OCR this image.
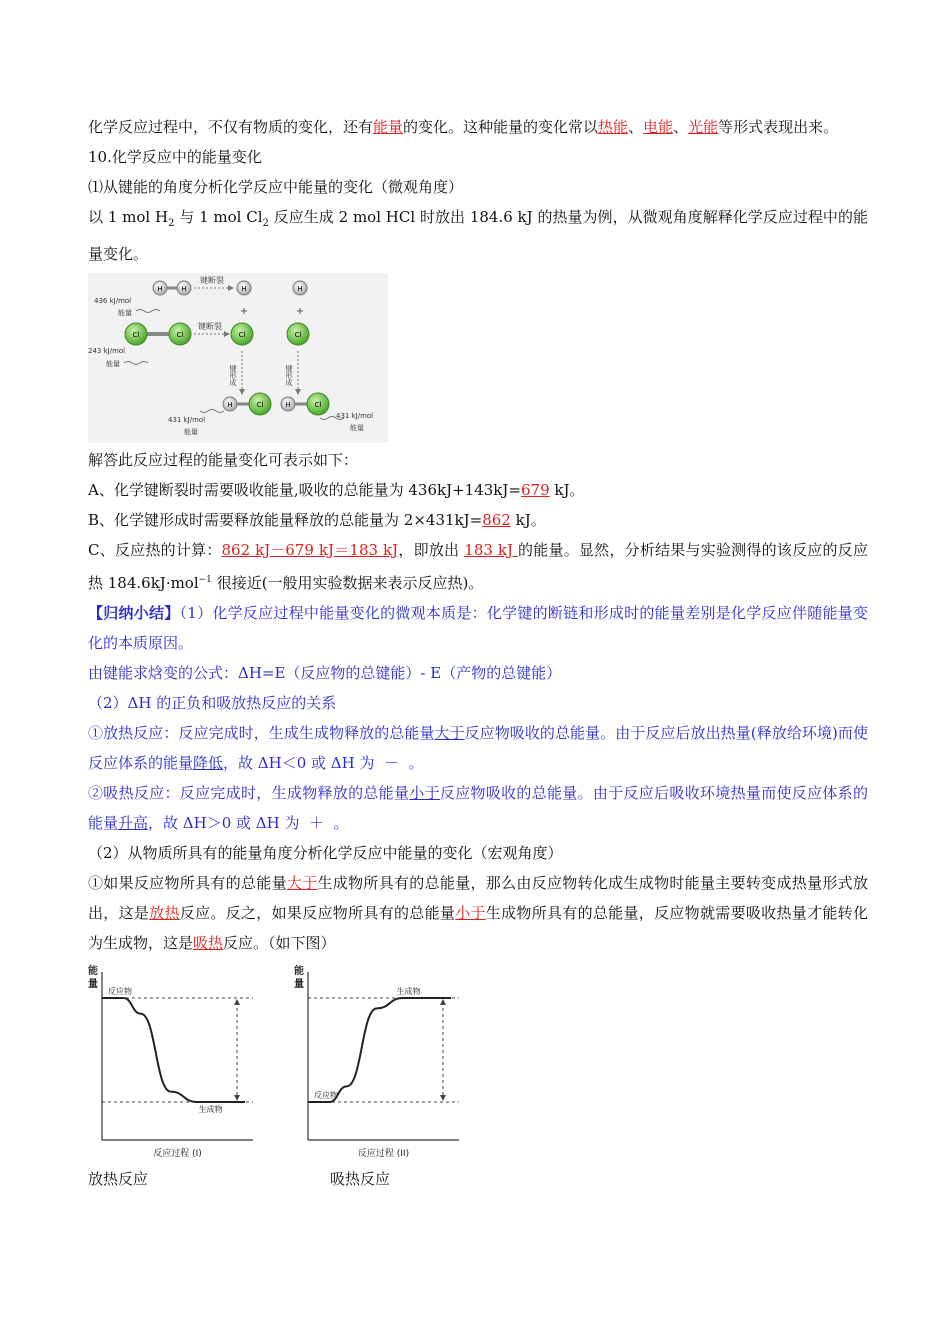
化学反应过程中，不仅有物质的变化，还有能量的变化。这种能量的变化常以热能、电能、光能等形式表现出来。
10.化学反应中的能量变化
⑴从键能的角度分析化学反应中能量的变化（微观角度）
以 1 mol $H_2$ 与 1 mol $Cl_2$ 反应生成 2 mol HCl 时放出 184.6 kJ 的热量为例，从微观角度解释化学反应过程中的能量变化。
H	H
键断裂
H	H
+	+
436 kJ/mol
能量
Cl	Cl
键断裂
Cl	Cl
243 kJ/mol
能量
键形成	键形成
H	Cl	H	Cl
431 kJ/mol
能量
431 kJ/mol
能量
解答此反应过程的能量变化可表示如下：
A、化学键断裂时需要吸收能量,吸收的总能量为 436kJ+143kJ=679 kJ。
B、化学键形成时需要释放能量释放的总能量为 2×431kJ=862 kJ。
C、反应热的计算：862 kJ－679 kJ＝183 kJ，即放出 183 kJ 的能量。显然，分析结果与实验测得的该反应的反应热 184.6kJ·mol$^{-1}$ 很接近(一般用实验数据来表示反应热)。
【归纳小结】（1）化学反应过程中能量变化的微观本质是：化学键的断链和形成时的能量差别是化学反应伴随能量变化的本质原因。
由键能求焓变的公式：ΔH=E（反应物的总键能）- E（产物的总键能）
（2）ΔH 的正负和吸放热反应的关系
①放热反应：反应完成时，生成生成物释放的总能量大于反应物吸收的总能量。由于反应后放出热量(释放给环境)而使反应体系的能量降低，故 ΔH＜0 或 ΔH 为 － 。
②吸热反应：反应完成时，生成物释放的总能量小于反应物吸收的总能量。由于反应后吸收环境热量而使反应体系的能量升高，故 ΔH＞0 或 ΔH 为 ＋ 。
（2）从物质所具有的能量角度分析化学反应中能量的变化（宏观角度）
①如果反应物所具有的总能量大于生成物所具有的总能量，那么由反应物转化成生成物时能量主要转变成热量形式放出，这是放热反应。反之，如果反应物所具有的总能量小于生成物所具有的总能量，反应物就需要吸收热量才能转化为生成物，这是吸热反应。（如下图）
能
量
反应过程 (I)
反应物
生成物
能
量
反应过程 (II)
反应物
生成物
放热反应	吸热反应
